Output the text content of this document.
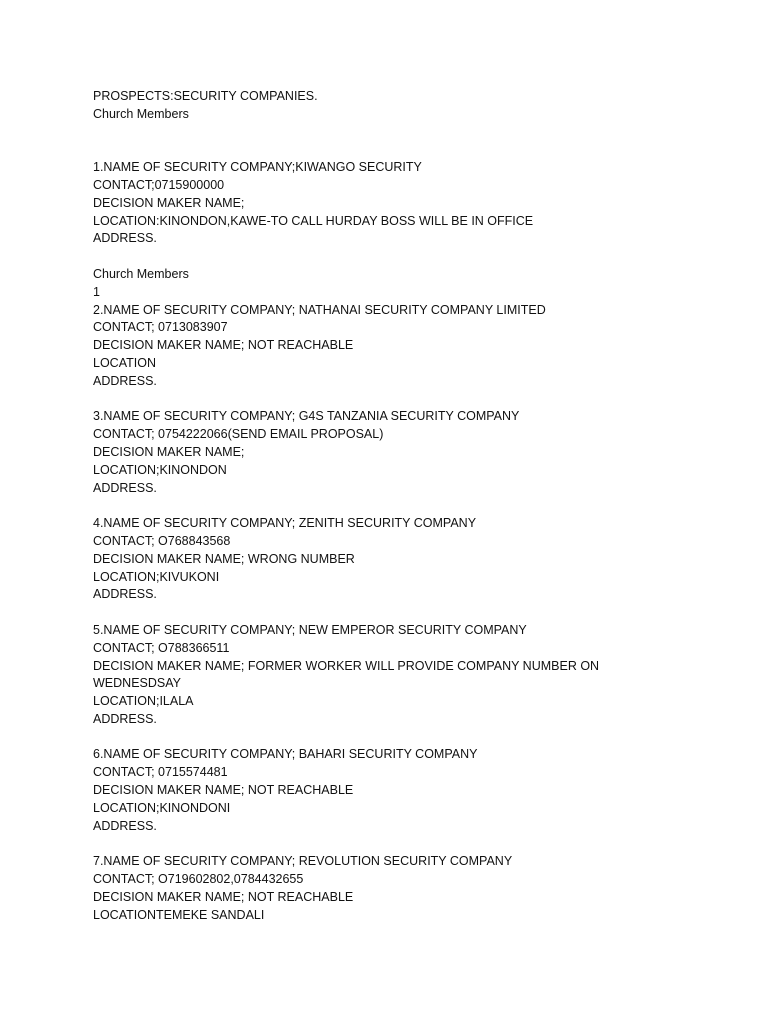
PROSPECTS:SECURITY COMPANIES.
Church Members
1.NAME OF SECURITY COMPANY;KIWANGO SECURITY
CONTACT;0715900000
DECISION MAKER NAME;
LOCATION:KINONDON,KAWE-TO CALL HURDAY BOSS WILL BE IN OFFICE
ADDRESS.
Church Members
1
2.NAME OF SECURITY COMPANY; NATHANAI SECURITY COMPANY LIMITED
CONTACT; 0713083907
DECISION MAKER NAME; NOT REACHABLE
LOCATION
ADDRESS.
3.NAME OF SECURITY COMPANY; G4S TANZANIA SECURITY COMPANY
CONTACT; 0754222066(SEND EMAIL PROPOSAL)
DECISION MAKER NAME;
LOCATION;KINONDON
ADDRESS.
4.NAME OF SECURITY COMPANY; ZENITH SECURITY COMPANY
CONTACT; O768843568
DECISION MAKER NAME; WRONG NUMBER
LOCATION;KIVUKONI
ADDRESS.
5.NAME OF SECURITY COMPANY; NEW EMPEROR SECURITY COMPANY
CONTACT; O788366511
DECISION MAKER NAME; FORMER WORKER WILL PROVIDE COMPANY NUMBER ON
WEDNESDSAY
LOCATION;ILALA
ADDRESS.
6.NAME OF SECURITY COMPANY; BAHARI SECURITY COMPANY
CONTACT; 0715574481
DECISION MAKER NAME; NOT REACHABLE
LOCATION;KINONDONI
ADDRESS.
7.NAME OF SECURITY COMPANY; REVOLUTION SECURITY COMPANY
CONTACT; O719602802,0784432655
DECISION MAKER NAME; NOT REACHABLE
LOCATIONTEMEKE SANDALI
